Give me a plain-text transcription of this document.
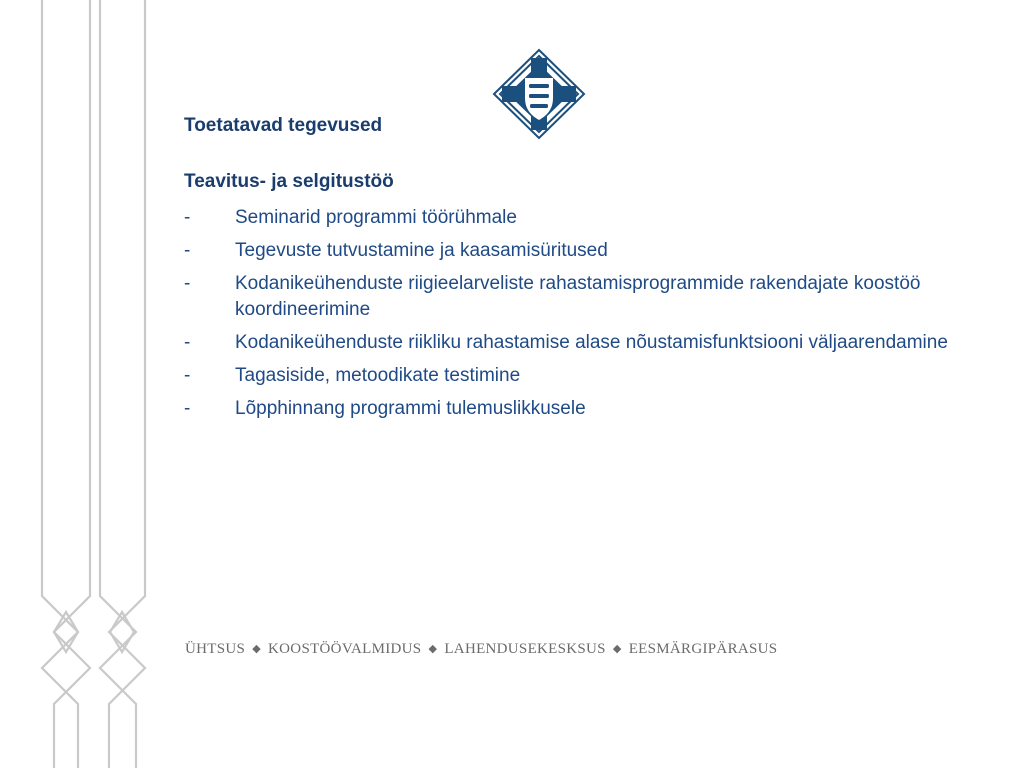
Toetatavad tegevused
Teavitus- ja selgitustöö
-	Seminarid programmi töörühmale
-	Tegevuste tutvustamine ja kaasamisüritused
-	Kodanikeühenduste riigieelarveliste rahastamisprogrammide rakendajate koostöö koordineerimine
-	Kodanikeühenduste riikliku rahastamise alase nõustamisfunktsiooni väljaarendamine
-	Tagasiside, metoodikate testimine
-	Lõpphinnang programmi tulemuslikkusele

ÜHTSUS ◆ KOOSTÖÖVALMIDUS ◆ LAHENDUSEKESKSUS ◆ EESMÄRGIPÄRASUS
